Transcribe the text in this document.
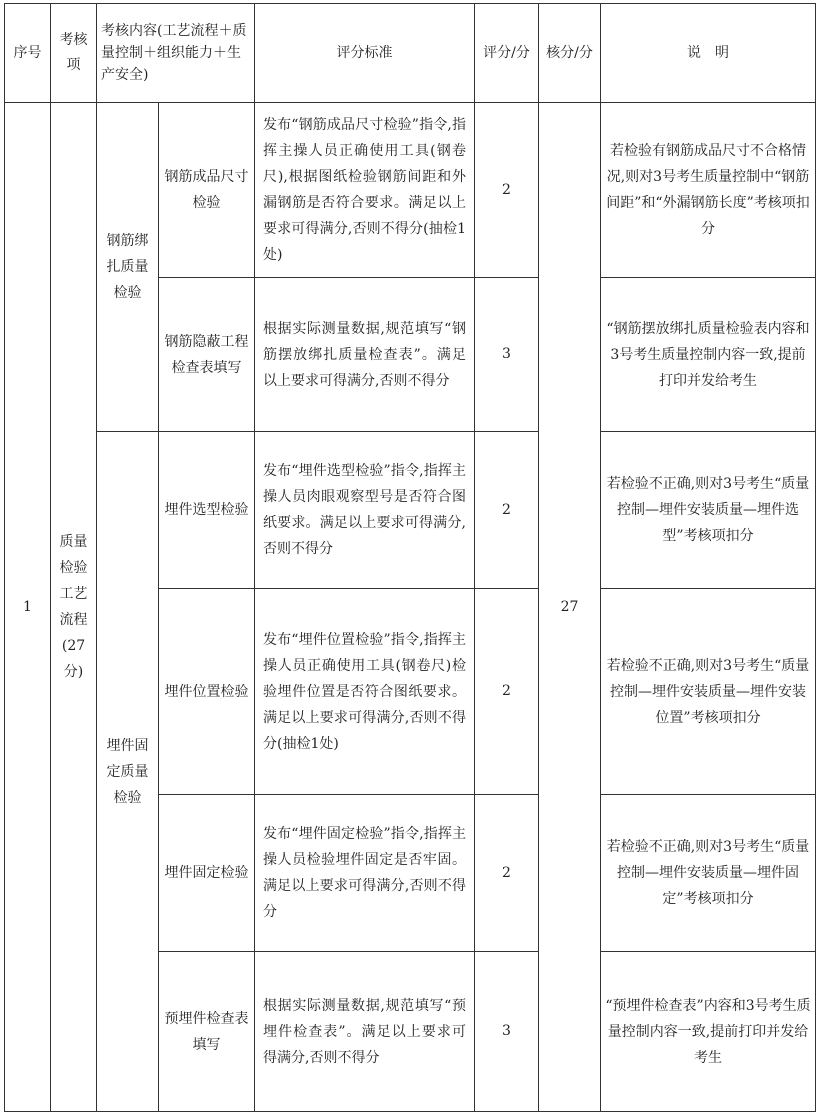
序号	考核项	考核内容(工艺流程＋质量控制＋组织能力＋生产安全)		评分标准	评分/分	核分/分	说　明
1	质量检验工艺流程(27分)	钢筋绑扎质量检验	钢筋成品尺寸检验	发布“钢筋成品尺寸检验”指令,指挥主操人员正确使用工具(钢卷尺),根据图纸检验钢筋间距和外漏钢筋是否符合要求。满足以上要求可得满分,否则不得分(抽检1处)	2	27	若检验有钢筋成品尺寸不合格情况,则对3号考生质量控制中“钢筋间距”和“外漏钢筋长度”考核项扣分
			钢筋隐蔽工程检查表填写	根据实际测量数据,规范填写“钢筋摆放绑扎质量检查表”。满足以上要求可得满分,否则不得分	3		“钢筋摆放绑扎质量检验表内容和3号考生质量控制内容一致,提前打印并发给考生
		埋件固定质量检验	埋件选型检验	发布“埋件选型检验”指令,指挥主操人员肉眼观察型号是否符合图纸要求。满足以上要求可得满分,否则不得分	2		若检验不正确,则对3号考生“质量控制—埋件安装质量—埋件选型”考核项扣分
			埋件位置检验	发布“埋件位置检验”指令,指挥主操人员正确使用工具(钢卷尺)检验埋件位置是否符合图纸要求。满足以上要求可得满分,否则不得分(抽检1处)	2		若检验不正确,则对3号考生“质量控制—埋件安装质量—埋件安装位置”考核项扣分
			埋件固定检验	发布“埋件固定检验”指令,指挥主操人员检验埋件固定是否牢固。满足以上要求可得满分,否则不得分	2		若检验不正确,则对3号考生“质量控制—埋件安装质量—埋件固定”考核项扣分
			预埋件检查表填写	根据实际测量数据,规范填写“预埋件检查表”。满足以上要求可得满分,否则不得分	3		“预埋件检查表”内容和3号考生质量控制内容一致,提前打印并发给考生
